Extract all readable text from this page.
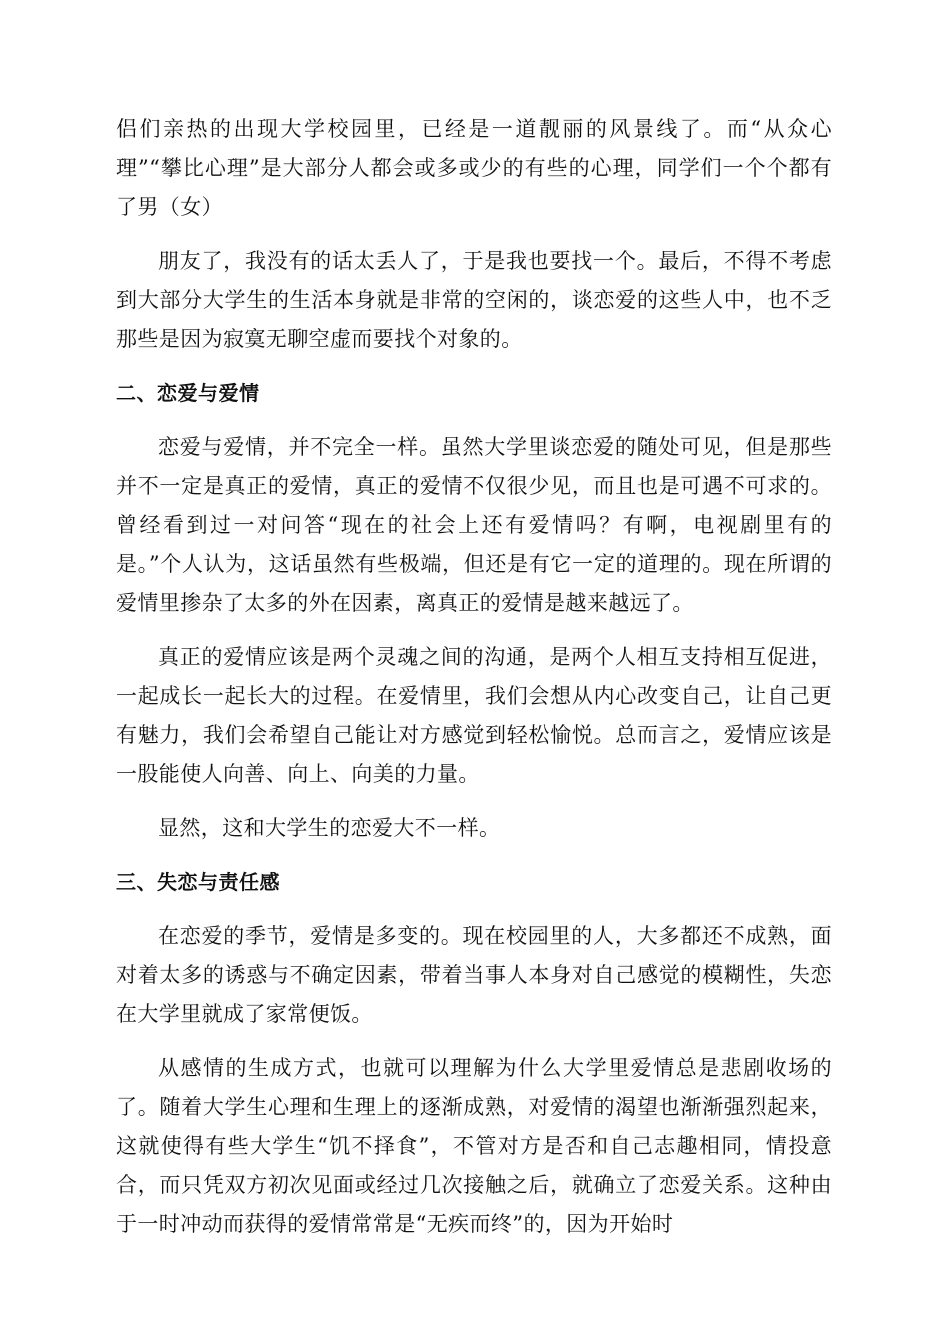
侣们亲热的出现大学校园里，已经是一道靓丽的风景线了。而“从众心理”“攀比心理”是大部分人都会或多或少的有些的心理，同学们一个个都有了男（女）

朋友了，我没有的话太丢人了，于是我也要找一个。最后，不得不考虑到大部分大学生的生活本身就是非常的空闲的，谈恋爱的这些人中，也不乏那些是因为寂寞无聊空虚而要找个对象的。

二、恋爱与爱情

恋爱与爱情，并不完全一样。虽然大学里谈恋爱的随处可见，但是那些并不一定是真正的爱情，真正的爱情不仅很少见，而且也是可遇不可求的。曾经看到过一对问答“现在的社会上还有爱情吗？有啊，电视剧里有的是。”个人认为，这话虽然有些极端，但还是有它一定的道理的。现在所谓的爱情里掺杂了太多的外在因素，离真正的爱情是越来越远了。

真正的爱情应该是两个灵魂之间的沟通，是两个人相互支持相互促进，一起成长一起长大的过程。在爱情里，我们会想从内心改变自己，让自己更有魅力，我们会希望自己能让对方感觉到轻松愉悦。总而言之，爱情应该是一股能使人向善、向上、向美的力量。

显然，这和大学生的恋爱大不一样。

三、失恋与责任感

在恋爱的季节，爱情是多变的。现在校园里的人，大多都还不成熟，面对着太多的诱惑与不确定因素，带着当事人本身对自己感觉的模糊性，失恋在大学里就成了家常便饭。

从感情的生成方式，也就可以理解为什么大学里爱情总是悲剧收场的了。随着大学生心理和生理上的逐渐成熟，对爱情的渴望也渐渐强烈起来，这就使得有些大学生“饥不择食”，不管对方是否和自己志趣相同，情投意合，而只凭双方初次见面或经过几次接触之后，就确立了恋爱关系。这种由于一时冲动而获得的爱情常常是“无疾而终”的，因为开始时
